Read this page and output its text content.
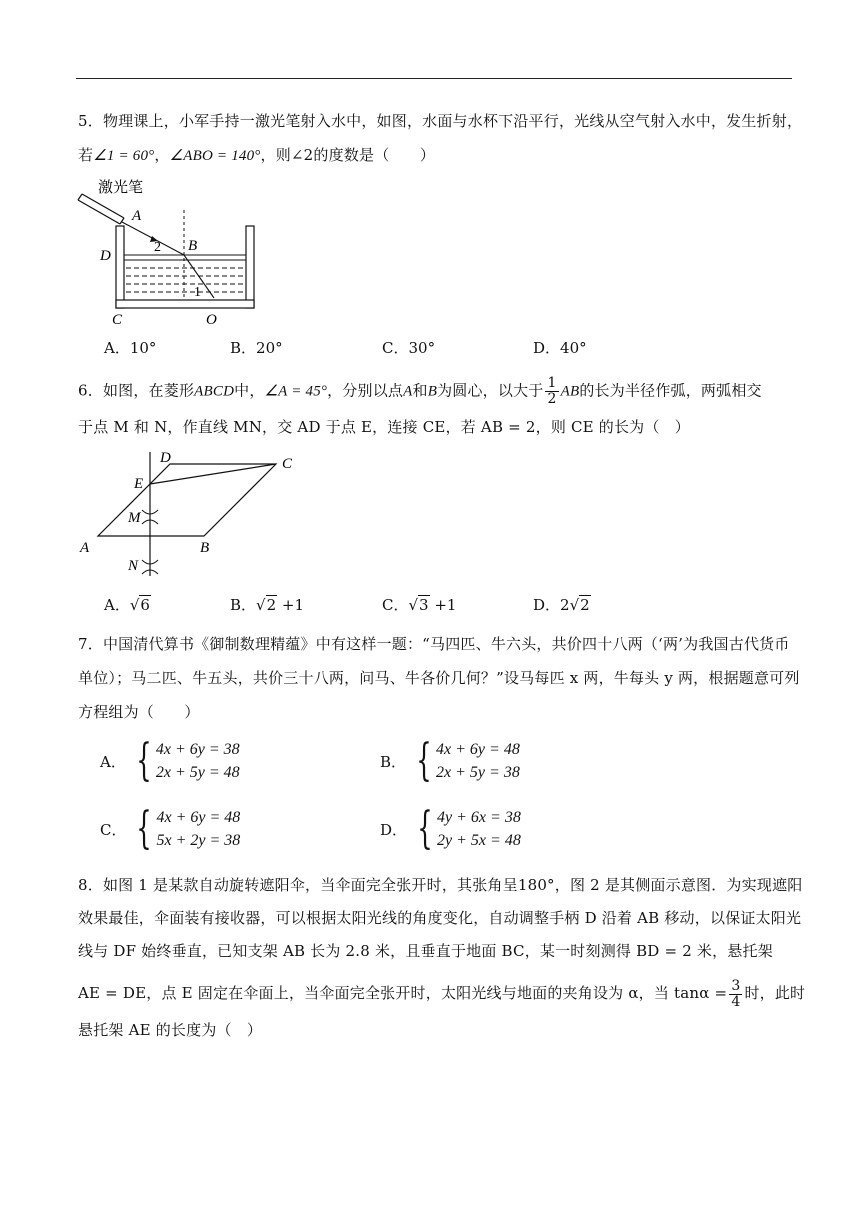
5．物理课上，小军手持一激光笔射入水中，如图，水面与水杯下沿平行，光线从空气射入水中，发生折射，
若∠1 = 60°，∠ABO = 140°，则∠2的度数是（　　）
激光笔
A
B
2
1
D
C	O
A．10°	B．20°	C．30°	D．40°
6．如图，在菱形ABCD中，∠A = 45°，分别以点A和B为圆心，以大于 $\frac{1}{2}$ AB的长为半径作弧，两弧相交
于点 M 和 N，作直线 MN，交 AD 于点 E，连接 CE，若 AB = 2，则 CE 的长为（　）
A	B
C
D
E
M
N
A．√6	B．√2 +1	C．√3 +1	D．2√2
7．中国清代算书《御制数理精蕴》中有这样一题：“马四匹、牛六头，共价四十八两（‘两’为我国古代货币
单位）；马二匹、牛五头，共价三十八两，问马、牛各价几何？”设马每匹 x 两，牛每头 y 两，根据题意可列
方程组为（　　）
A． { 4x + 6y = 38
2x + 5y = 48
B． { 4x + 6y = 48
2x + 5y = 38
C． { 4x + 6y = 48
5x + 2y = 38
D． { 4y + 6x = 38
2y + 5x = 48
8．如图 1 是某款自动旋转遮阳伞，当伞面完全张开时，其张角呈180°，图 2 是其侧面示意图．为实现遮阳
效果最佳，伞面装有接收器，可以根据太阳光线的角度变化，自动调整手柄 D 沿着 AB 移动，以保证太阳光
线与 DF 始终垂直，已知支架 AB 长为 2.8 米，且垂直于地面 BC，某一时刻测得 BD = 2 米，悬托架
AE = DE，点 E 固定在伞面上，当伞面完全张开时，太阳光线与地面的夹角设为 α，当 $\tan\alpha = \frac{3}{4}$ 时，此时
悬托架 AE 的长度为（　）
